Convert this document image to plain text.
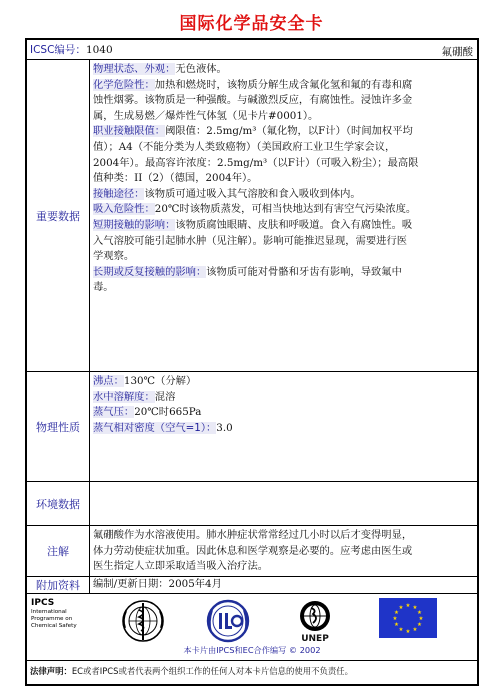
国际化学品安全卡
ICSC编号：1040	氟硼酸
重要数据
物理状态、外观：无色液体。
化学危险性：加热和燃烧时，该物质分解生成含氟化氢和氟的有毒和腐
蚀性烟雾。该物质是一种强酸。与碱激烈反应，有腐蚀性。浸蚀许多金
属，生成易燃／爆炸性气体氢（见卡片#0001）。
职业接触限值：阈限值：2.5mg/m³（氟化物，以F计）（时间加权平均
值）；A4（不能分类为人类致癌物）（美国政府工业卫生学家会议，
2004年）。最高容许浓度：2.5mg/m³（以F计）（可吸入粉尘）；最高限
值种类：II（2）（德国，2004年）。
接触途径：该物质可通过吸入其气溶胶和食入吸收到体内。
吸入危险性：20℃时该物质蒸发，可相当快地达到有害空气污染浓度。
短期接触的影响：该物质腐蚀眼睛、皮肤和呼吸道。食入有腐蚀性。吸
入气溶胶可能引起肺水肿（见注解）。影响可能推迟显现，需要进行医
学观察。
长期或反复接触的影响：该物质可能对骨骼和牙齿有影响，导致氟中
毒。
物理性质
沸点：130℃（分解）
水中溶解度：混溶
蒸气压：20℃时665Pa
蒸气相对密度（空气=1）：3.0
环境数据
注解
氟硼酸作为水溶液使用。肺水肿症状常常经过几小时以后才变得明显，
体力劳动使症状加重。因此休息和医学观察是必要的。应考虑由医生或
医生指定人立即采取适当吸入治疗法。
附加资料	编制/更新日期：2005年4月
IPCS
International
Programme on
Chemical Safety
UNEP
★ ★
★
★
★
★
★
★
★
★
★
★
本卡片由IPCS和EC合作编写 © 2002
法律声明：EC或者IPCS或者代表两个组织工作的任何人对本卡片信息的使用不负责任。
